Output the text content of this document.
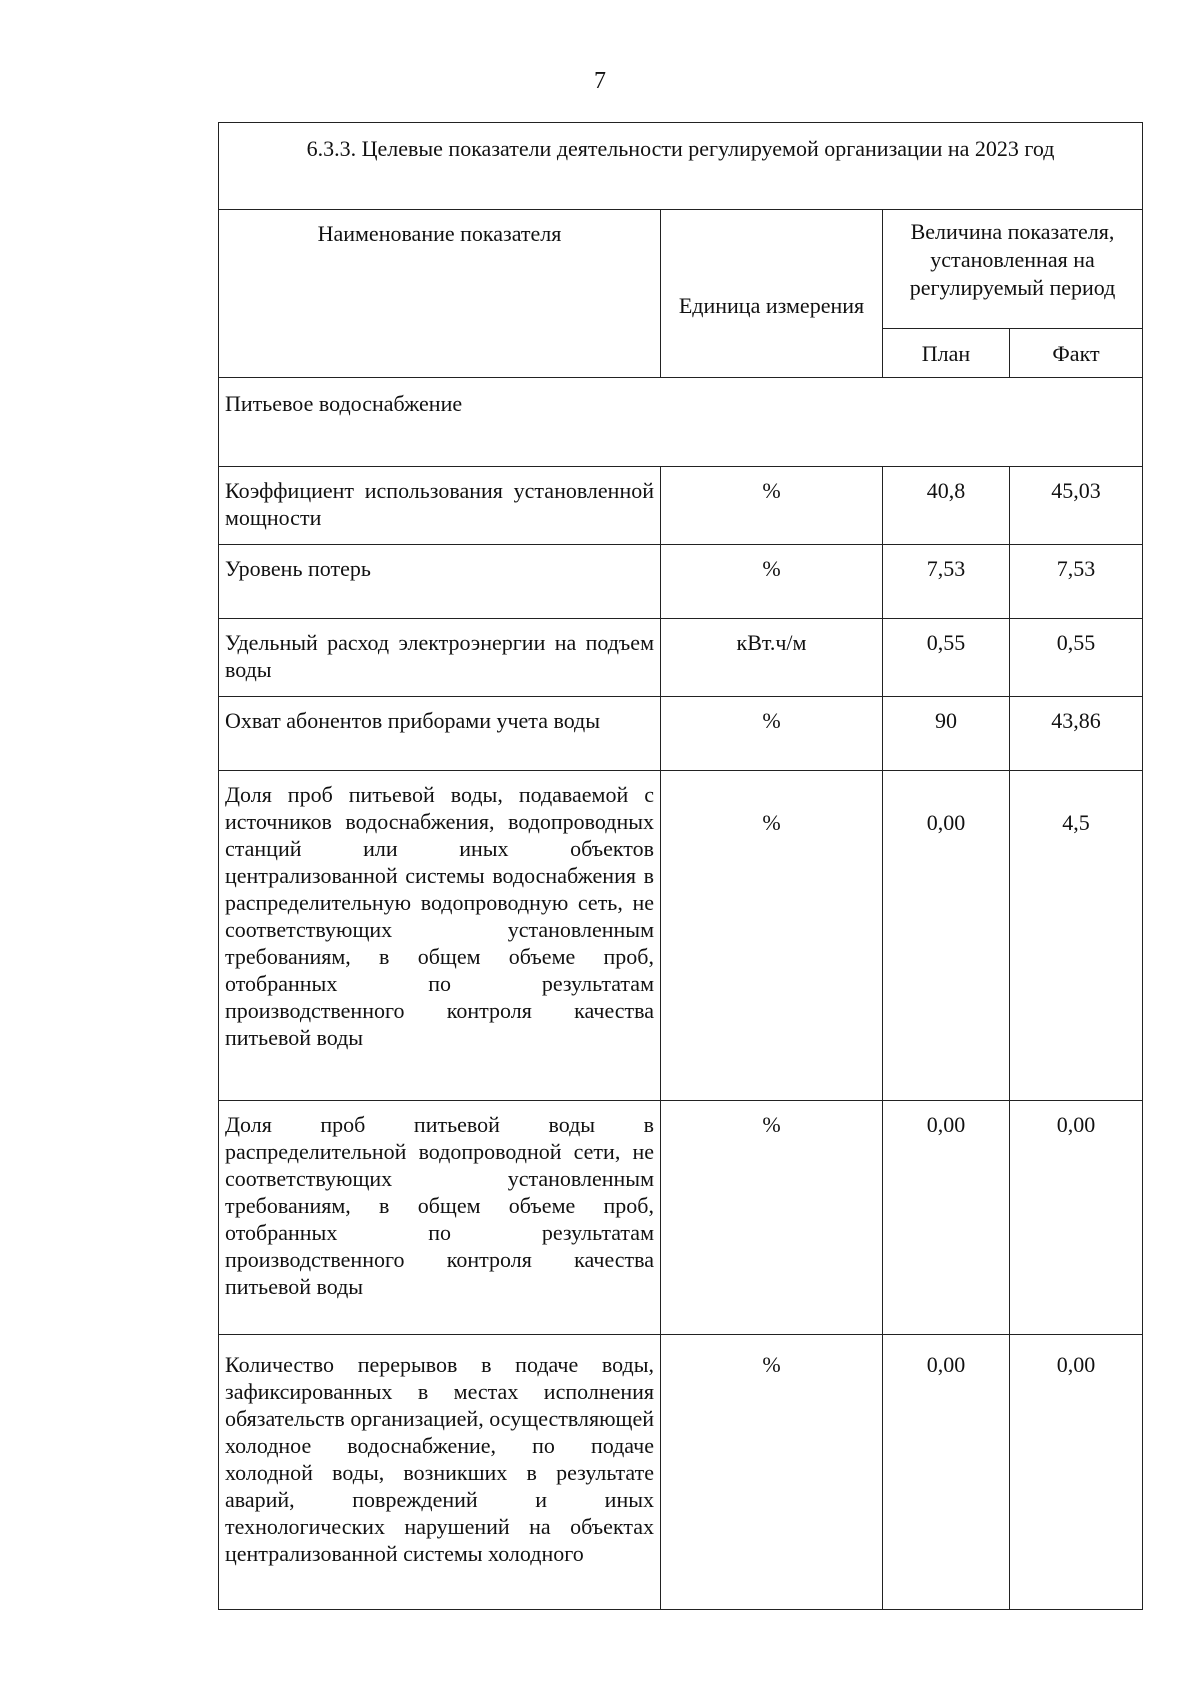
7
6.3.3. Целевые показатели деятельности регулируемой организации на 2023 год			
Наименование показателя	Единица измерения	Величина показателя, установленная на регулируемый период	
		План	Факт
Питьевое водоснабжение			
Коэффициент использования установленной мощности	%	40,8	45,03
Уровень потерь	%	7,53	7,53
Удельный расход электроэнергии на подъем воды	кВт.ч/м	0,55	0,55
Охват абонентов приборами учета воды	%	90	43,86
Доля проб питьевой воды, подаваемой с источников водоснабжения, водопроводных станций или иных объектов централизованной системы водоснабжения в распределительную водопроводную сеть, не соответствующих установленным требованиям, в общем объеме проб, отобранных по результатам производственного контроля качества питьевой воды	%	0,00	4,5
Доля проб питьевой воды в распределительной водопроводной сети, не соответствующих установленным требованиям, в общем объеме проб, отобранных по результатам производственного контроля качества питьевой воды	%	0,00	0,00
Количество перерывов в подаче воды, зафиксированных в местах исполнения обязательств организацией, осуществляющей холодное водоснабжение, по подаче холодной воды, возникших в результате аварий, повреждений и иных технологических нарушений на объектах централизованной системы холодного	%	0,00	0,00
